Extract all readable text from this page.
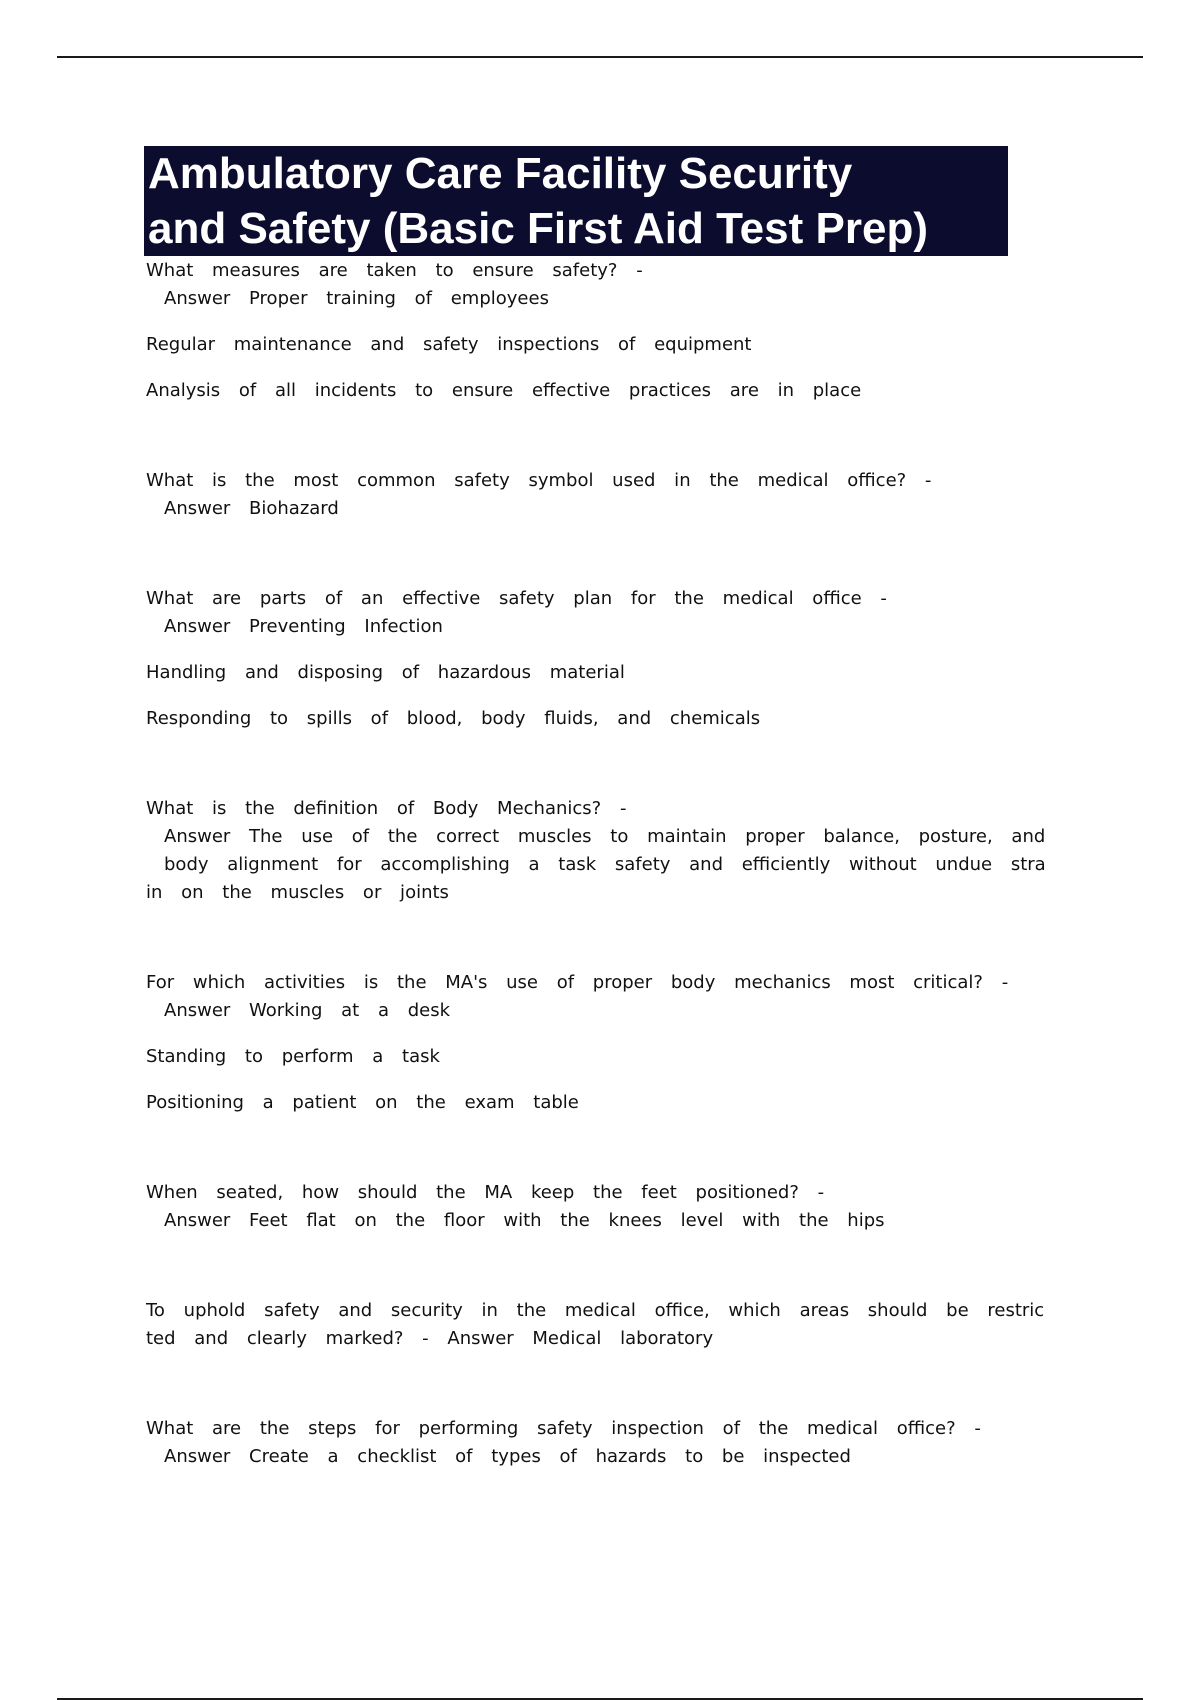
Ambulatory Care Facility Security
and Safety (Basic First Aid Test Prep)
What measures are taken to ensure safety? -
Answer Proper training of employees
Regular maintenance and safety inspections of equipment
Analysis of all incidents to ensure effective practices are in place
What is the most common safety symbol used in the medical office? -
Answer Biohazard
What are parts of an effective safety plan for the medical office -
Answer Preventing Infection
Handling and disposing of hazardous material
Responding to spills of blood, body fluids, and chemicals
What is the definition of Body Mechanics? -
Answer The use of the correct muscles to maintain proper balance, posture, and
body alignment for accomplishing a task safety and efficiently without undue stra
in on the muscles or joints
For which activities is the MA's use of proper body mechanics most critical? -
Answer Working at a desk
Standing to perform a task
Positioning a patient on the exam table
When seated, how should the MA keep the feet positioned? -
Answer Feet flat on the floor with the knees level with the hips
To uphold safety and security in the medical office, which areas should be restric
ted and clearly marked? - Answer Medical laboratory
What are the steps for performing safety inspection of the medical office? -
Answer Create a checklist of types of hazards to be inspected
